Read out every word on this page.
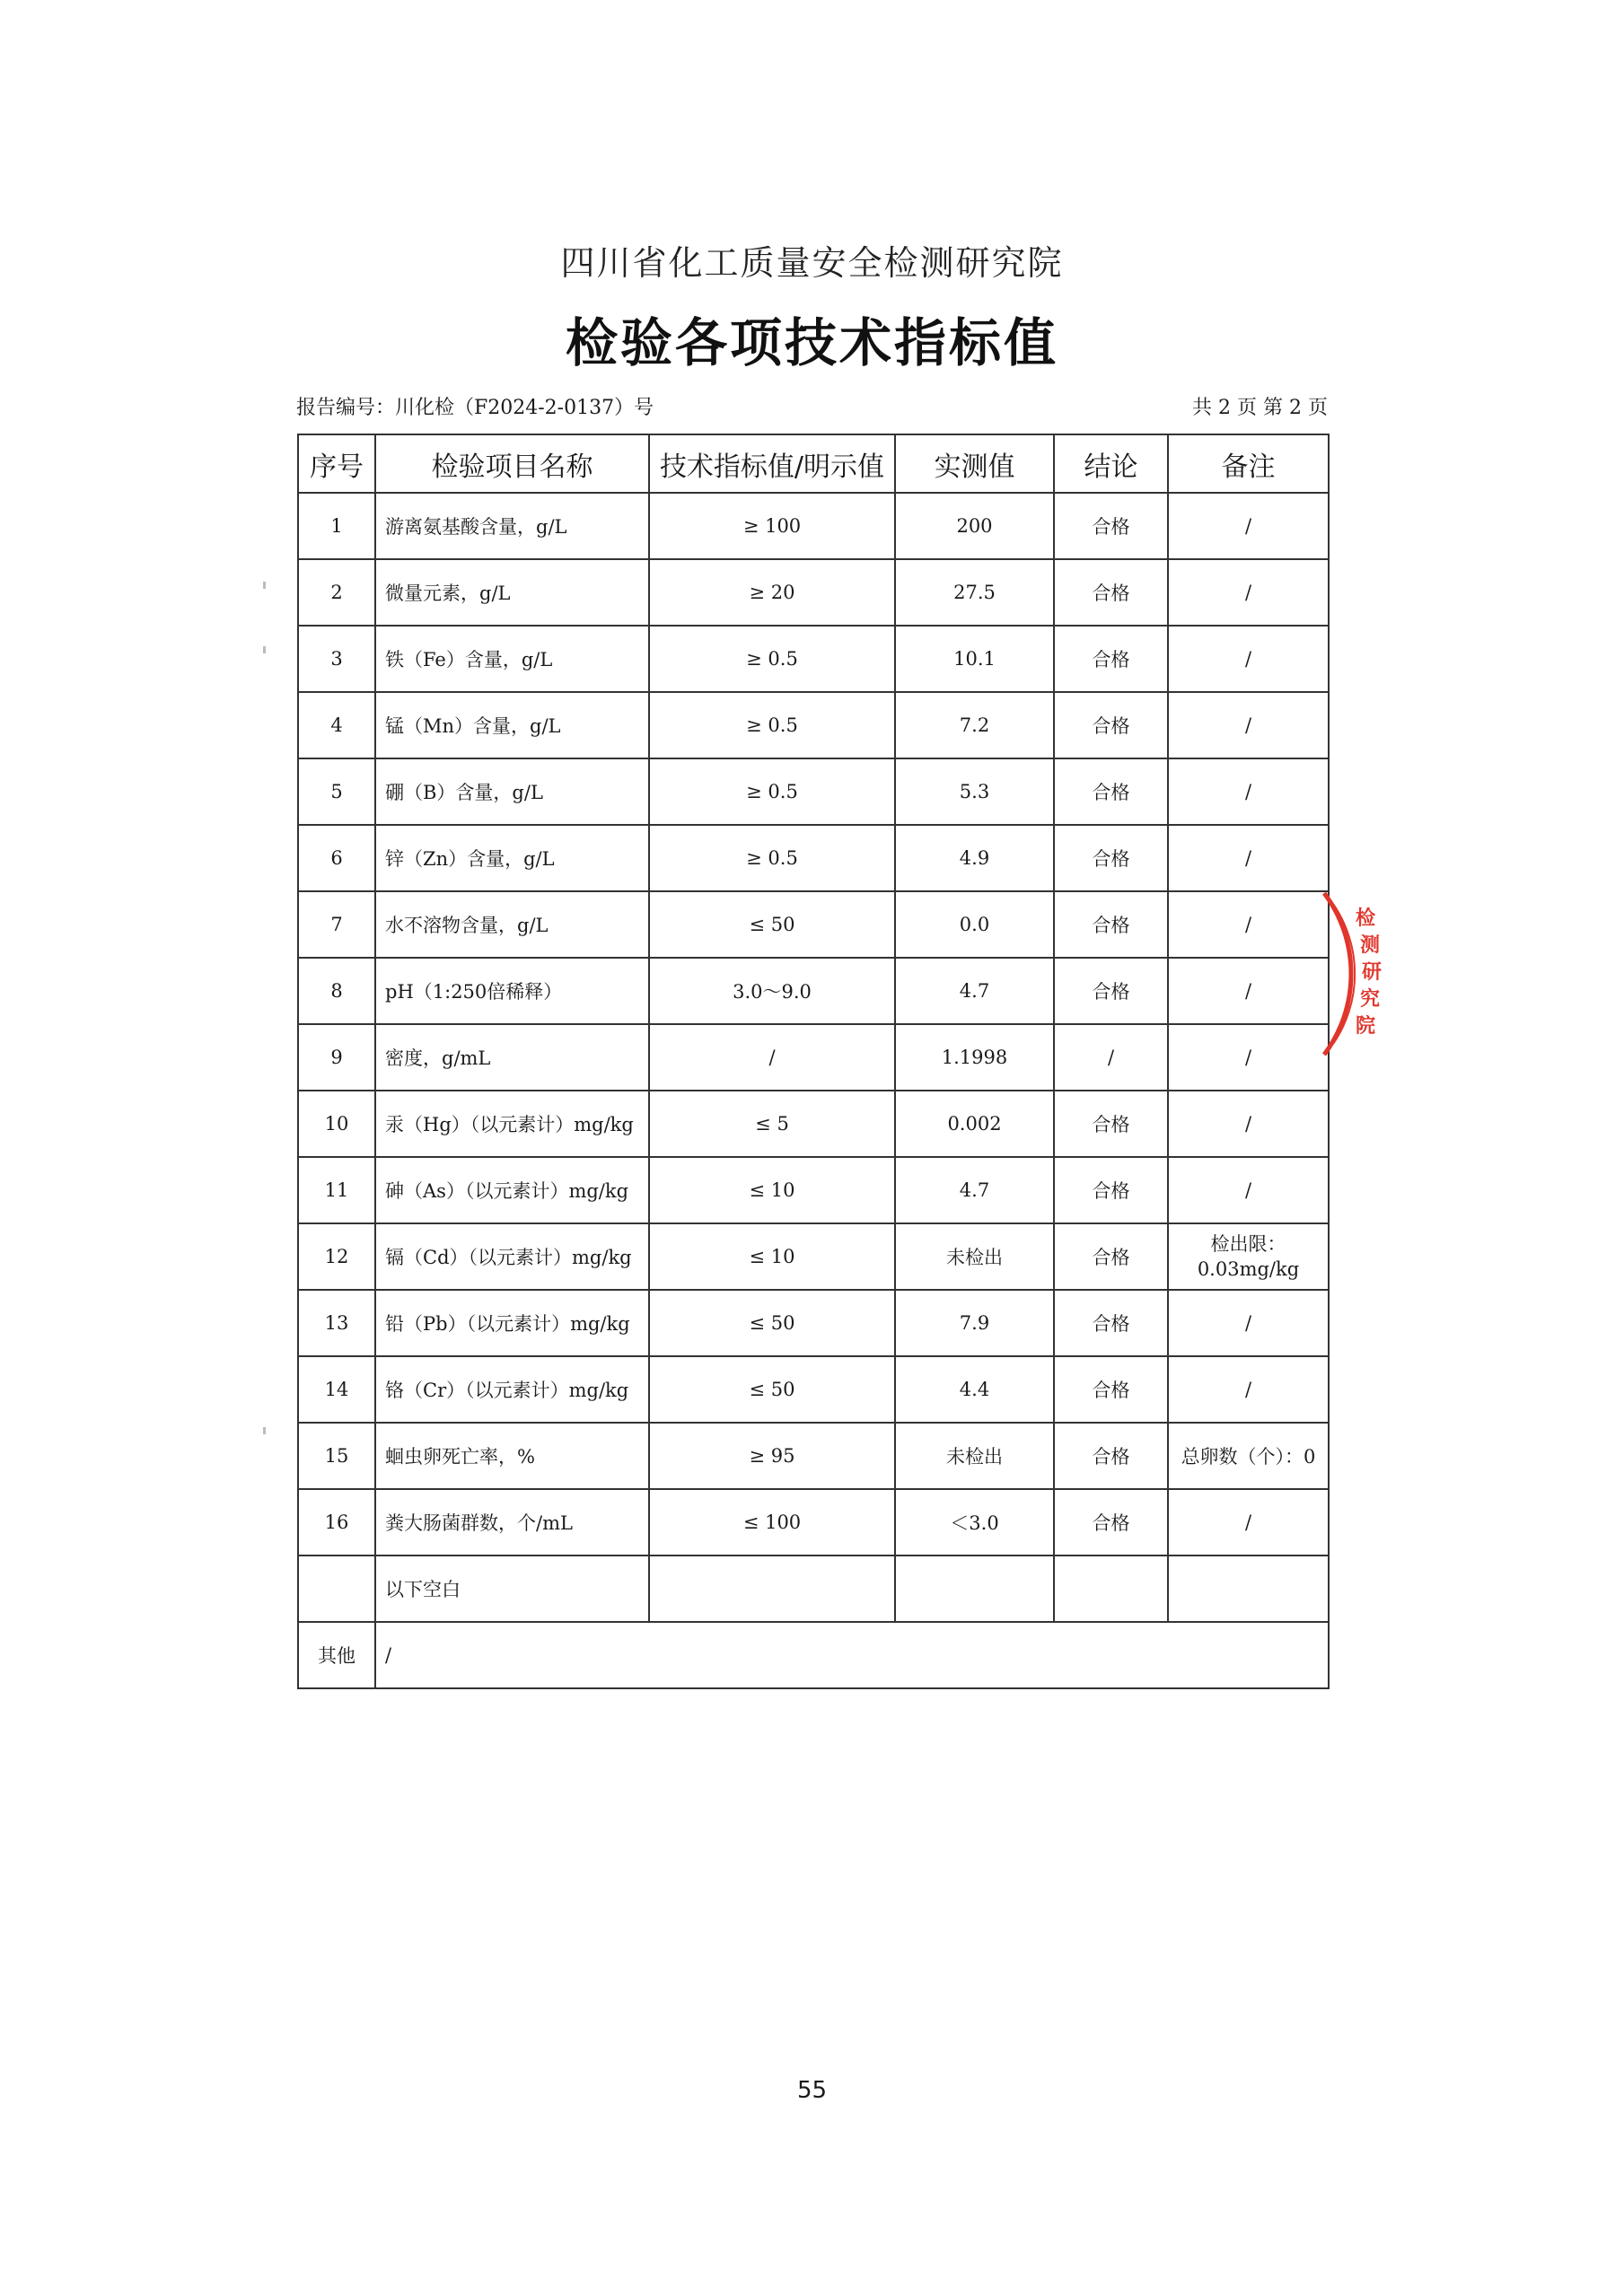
四川省化工质量安全检测研究院
检验各项技术指标值
报告编号：川化检（F2024-2-0137）号	共 2 页 第 2 页
序号	检验项目名称	技术指标值/明示值	实测值	结论	备注
1	游离氨基酸含量，g/L	≥ 100	200	合格	/
2	微量元素，g/L	≥ 20	27.5	合格	/
3	铁（Fe）含量，g/L	≥ 0.5	10.1	合格	/
4	锰（Mn）含量，g/L	≥ 0.5	7.2	合格	/
5	硼（B）含量，g/L	≥ 0.5	5.3	合格	/
6	锌（Zn）含量，g/L	≥ 0.5	4.9	合格	/
7	水不溶物含量，g/L	≤ 50	0.0	合格	/
8	pH（1:250倍稀释）	3.0～9.0	4.7	合格	/
9	密度，g/mL	/	1.1998	/	/
10	汞（Hg）（以元素计）mg/kg	≤ 5	0.002	合格	/
11	砷（As）（以元素计）mg/kg	≤ 10	4.7	合格	/
12	镉（Cd）（以元素计）mg/kg	≤ 10	未检出	合格	检出限：
0.03mg/kg

13	铅（Pb）（以元素计）mg/kg	≤ 50	7.9	合格	/
14	铬（Cr）（以元素计）mg/kg	≤ 50	4.4	合格	/
15	蛔虫卵死亡率，%	≥ 95	未检出	合格	总卵数（个）：0
16	粪大肠菌群数，个/mL	≤ 100	＜3.0	合格	/
	以下空白				
其他	/				
检
测
研
究
院
55
